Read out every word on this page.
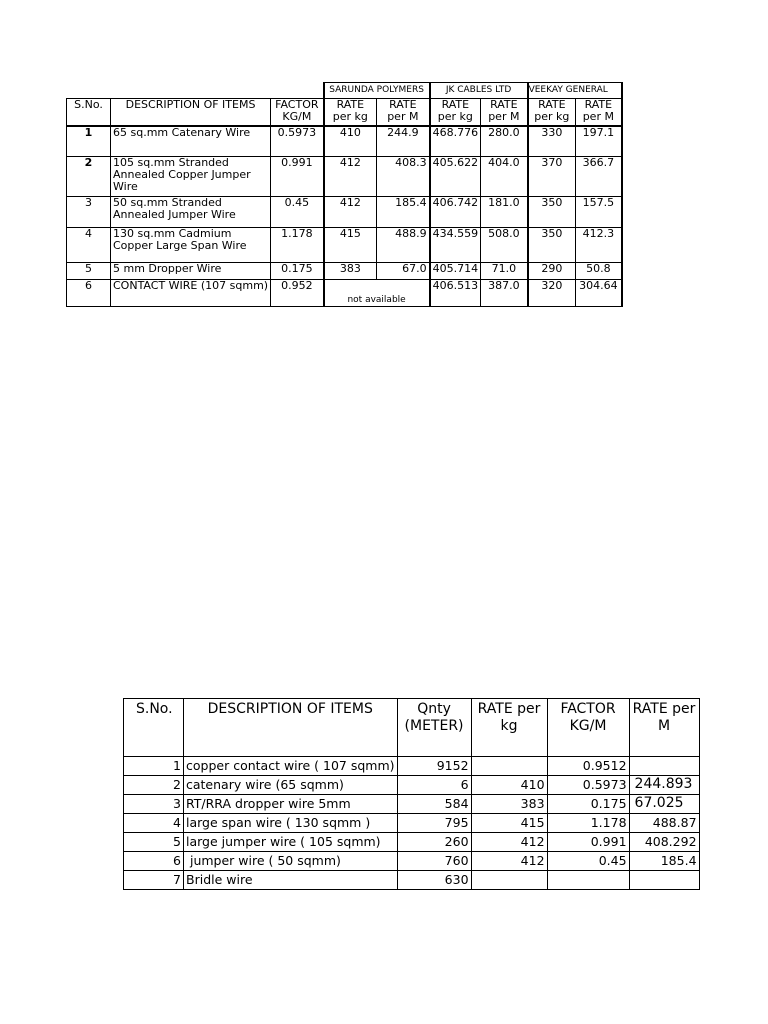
			SARUNDA POLYMERS		JK CABLES LTD		VEEKAY GENERAL	
S.No.	DESCRIPTION OF ITEMS	FACTOR KG/M	RATE per kg	RATE per M	RATE per kg	RATE per M	RATE per kg	RATE per M
1	65 sq.mm Catenary Wire	0.5973	410	244.9	468.776	280.0	330	197.1
2	105 sq.mm Stranded Annealed Copper Jumper Wire	0.991	412	408.3	405.622	404.0	370	366.7
3	50 sq.mm Stranded Annealed Jumper Wire	0.45	412	185.4	406.742	181.0	350	157.5
4	130 sq.mm Cadmium Copper Large Span Wire	1.178	415	488.9	434.559	508.0	350	412.3
5	5 mm Dropper Wire	0.175	383	67.0	405.714	71.0	290	50.8
6	CONTACT WIRE (107 sqmm)	0.952	not available		406.513	387.0	320	304.64
S.No.	DESCRIPTION OF ITEMS	Qnty (METER)	RATE per kg	FACTOR KG/M	RATE per M
1	copper contact wire ( 107 sqmm)	9152		0.9512	
2	catenary wire (65 sqmm)	6	410	0.5973	244.893
3	RT/RRA dropper wire 5mm	584	383	0.175	67.025
4	large span wire ( 130 sqmm )	795	415	1.178	488.87
5	large jumper wire ( 105 sqmm)	260	412	0.991	408.292
6	jumper wire ( 50 sqmm)	760	412	0.45	185.4
7	Bridle wire	630			
